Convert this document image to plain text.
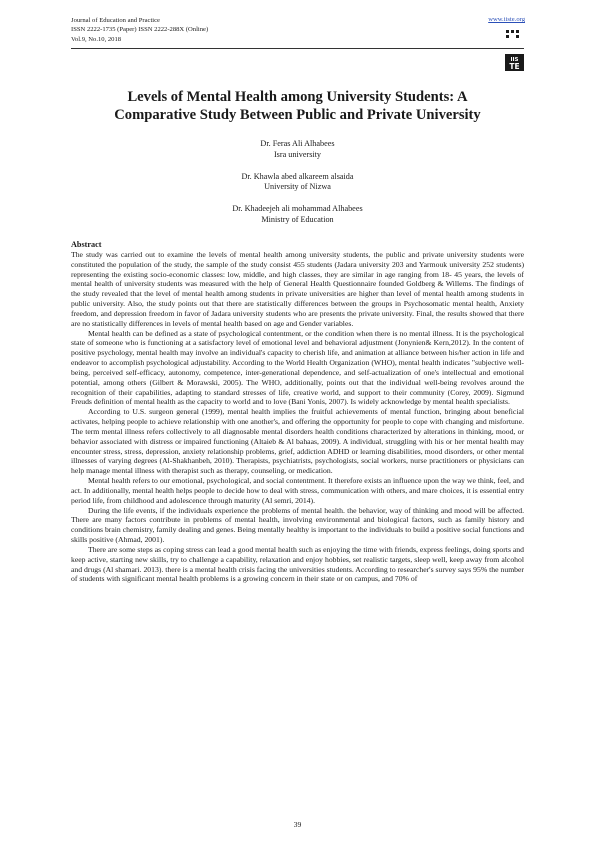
Journal of Education and Practice
ISSN 2222-1735 (Paper) ISSN 2222-288X (Online)
Vol.9, No.10, 2018
www.iiste.org
IIS
TE
Levels of Mental Health among University Students: A
Comparative Study Between Public and Private University
Dr. Feras Ali Alhabees
Isra university
Dr. Khawla abed alkareem alsaida
University of Nizwa
Dr. Khadeejeh ali mohammad Alhabees
Ministry of Education
Abstract

The study was carried out to examine the levels of mental health among university students, the public and private university students were constituted the population of the study, the sample of the study consist 455 students (Jadara university 203 and Yarmouk university 252 students) representing the existing socio-economic classes: low, middle, and high classes, they are similar in age ranging from 18- 45 years, the levels of mental health of university students was measured with the help of General Health Questionnaire founded Goldberg & Willems. The findings of the study revealed that the level of mental health among students in private universities are higher than level of mental health among students in public university. Also, the study points out that there are statistically differences between the groups in Psychosomatic mental health, Anxiety freedom, and depression freedom in favor of Jadara university students who are presents the private university. Final, the results showed that there are no statistically differences in levels of mental health based on age and Gender variables.

Mental health can be defined as a state of psychological contentment, or the condition when there is no mental illness. It is the psychological state of someone who is functioning at a satisfactory level of emotional level and behavioral adjustment (Jonynien& Kern,2012). In the content of positive psychology, mental health may involve an individual's capacity to cherish life, and animation at alliance between his/her action in life and endeavor to accomplish psychological adjustability. According to the World Health Organization (WHO), mental health indicates "subjective well-being, perceived self-efficacy, autonomy, competence, inter-generational dependence, and self-actualization of one's intellectual and emotional potential, among others (Gilbert & Morawski, 2005). The WHO, additionally, points out that the individual well-being revolves around the recognition of their capabilities, adapting to standard stresses of life, creative world, and support to their community (Corey, 2009). Sigmund Freuds definition of mental health as the capacity to world and to love (Bani Yonis, 2007). Is widely acknowledge by mental health specialists.

According to U.S. surgeon general (1999), mental health implies the fruitful achievements of mental function, bringing about beneficial activates, helping people to achieve relationship with one another's, and offering the opportunity for people to cope with changing and misfortune. The term mental illness refers collectively to all diagnosable mental disorders health conditions characterized by alterations in thinking, mood, or behavior associated with distress or impaired functioning (Altaieb & Al bahaas, 2009). A individual, struggling with his or her mental health may encounter stress, stress, depression, anxiety relationship problems, grief, addiction ADHD or learning disabilities, mood disorders, or other mental illnesses of varying degrees (Al-Shakhanbeh, 2010). Therapists, psychiatrists, psychologists, social workers, nurse practitioners or physicians can help manage mental illness with therapist such as therapy, counseling, or medication.

Mental health refers to our emotional, psychological, and social contentment. It therefore exists an influence upon the way we think, feel, and act. In additionally, mental health helps people to decide how to deal with stress, communication with others, and mare choices, it is essential entry period life, from childhood and adolescence through maturity (Al semri, 2014).

During the life events, if the individuals experience the problems of mental health. the behavior, way of thinking and mood will be affected. There are many factors contribute in problems of mental health, involving environmental and biological factors, such as family history and conditions brain chemistry, family dealing and genes. Being mentally healthy is important to the individuals to build a positive social functions and skills positive (Ahmad, 2001).

There are some steps as coping stress can lead a good mental health such as enjoying the time with friends, express feelings, doing sports and keep active, starting new skills, try to challenge a capability, relaxation and enjoy hobbies, set realistic targets, sleep well, keep away from alcohol and drugs (Al shamari. 2013). there is a mental health crisis facing the universities students. According to researcher's survey says 95% the number of students with significant mental health problems is a growing concern in their state or on campus, and 70% of

39
